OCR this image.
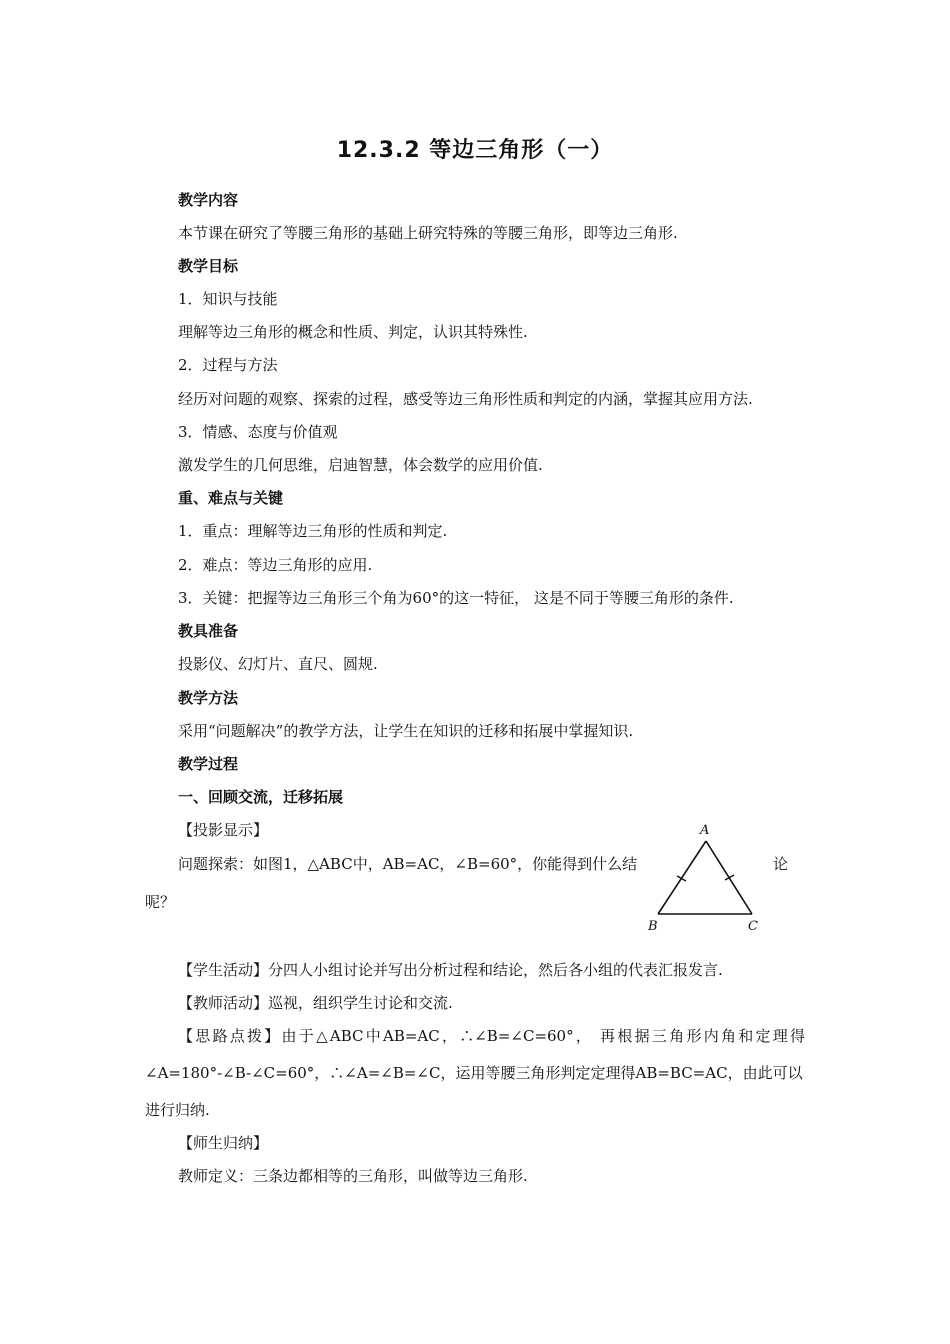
12.3.2 等边三角形（一）
教学内容
本节课在研究了等腰三角形的基础上研究特殊的等腰三角形，即等边三角形.
教学目标
1．知识与技能
理解等边三角形的概念和性质、判定，认识其特殊性.
2．过程与方法
经历对问题的观察、探索的过程，感受等边三角形性质和判定的内涵，掌握其应用方法.
3．情感、态度与价值观
激发学生的几何思维，启迪智慧，体会数学的应用价值.
重、难点与关键
1．重点：理解等边三角形的性质和判定.
2．难点：等边三角形的应用.
3．关键：把握等边三角形三个角为60°的这一特征， 这是不同于等腰三角形的条件.
教具准备
投影仪、幻灯片、直尺、圆规.
教学方法
采用“问题解决”的教学方法，让学生在知识的迁移和拓展中掌握知识.
教学过程
一、回顾交流，迁移拓展
【投影显示】
问题探索：如图1，△ABC中，AB=AC，∠B=60°，你能得到什么结	论
呢？
A
B	C
【学生活动】分四人小组讨论并写出分析过程和结论，然后各小组的代表汇报发言.
【教师活动】巡视，组织学生讨论和交流.
【思路点拨】由于△ABC中AB=AC，∴∠B=∠C=60°， 再根据三角形内角和定理得
∠A=180°-∠B-∠C=60°，∴∠A=∠B=∠C，运用等腰三角形判定定理得AB=BC=AC，由此可以
进行归纳.
【师生归纳】
教师定义：三条边都相等的三角形，叫做等边三角形.
